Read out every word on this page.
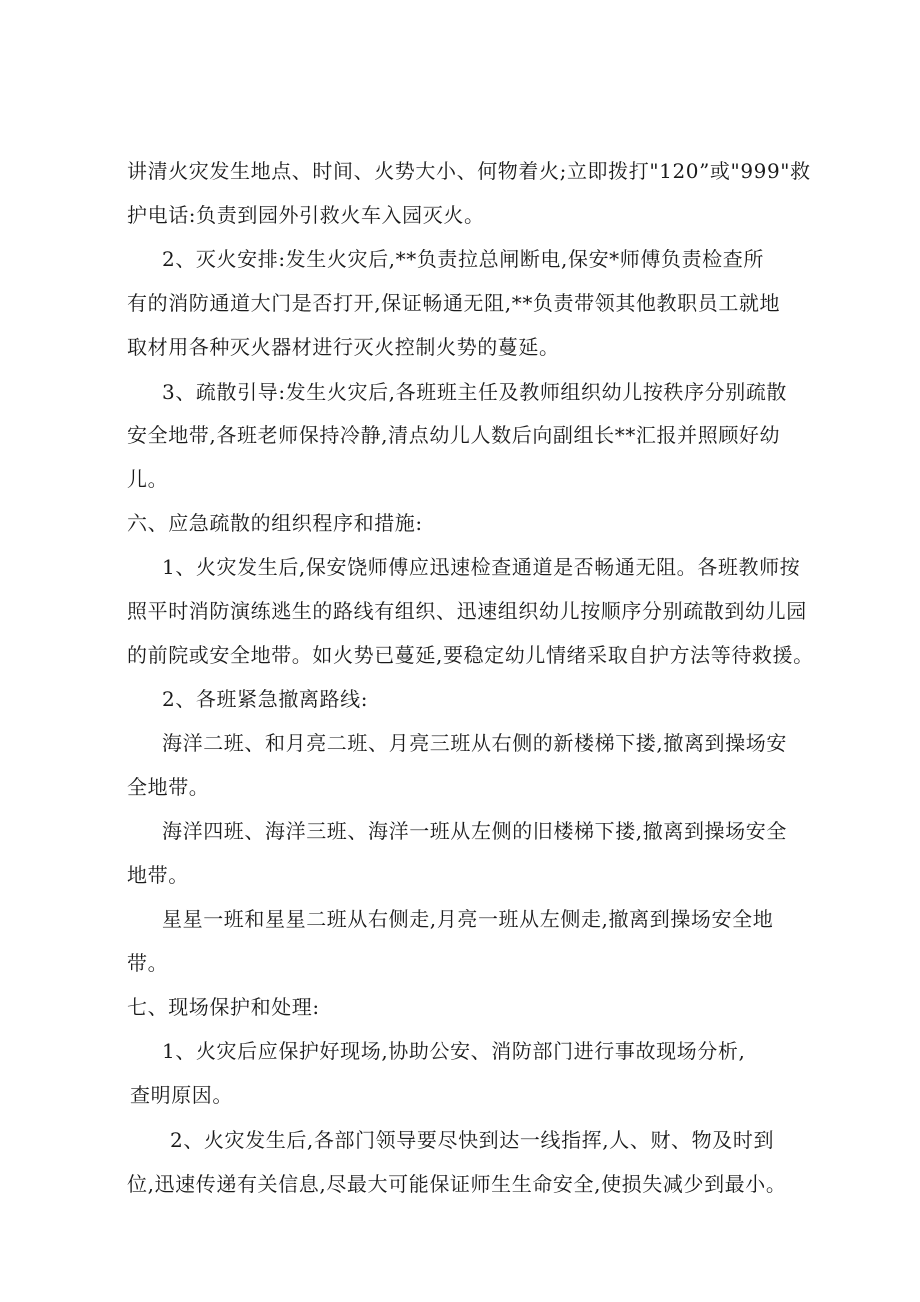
讲清火灾发生地点、时间、火势大小、何物着火;立即拨打"120”或"999"救
护电话:负责到园外引救火车入园灭火。
2、灭火安排:发生火灾后,**负责拉总闸断电,保安*师傅负责检查所
有的消防通道大门是否打开,保证畅通无阻,**负责带领其他教职员工就地
取材用各种灭火器材进行灭火控制火势的蔓延。
3、疏散引导:发生火灾后,各班班主任及教师组织幼儿按秩序分别疏散
安全地带,各班老师保持冷静,清点幼儿人数后向副组长**汇报并照顾好幼
儿。
六、应急疏散的组织程序和措施:
1、火灾发生后,保安饶师傅应迅速检查通道是否畅通无阻。各班教师按
照平时消防演练逃生的路线有组织、迅速组织幼儿按顺序分别疏散到幼儿园
的前院或安全地带。如火势已蔓延,要稳定幼儿情绪采取自护方法等待救援。
2、各班紧急撤离路线:
海洋二班、和月亮二班、月亮三班从右侧的新楼梯下搂,撤离到操场安
全地带。
海洋四班、海洋三班、海洋一班从左侧的旧楼梯下搂,撤离到操场安全
地带。
星星一班和星星二班从右侧走,月亮一班从左侧走,撤离到操场安全地
带。
七、现场保护和处理:
1、火灾后应保护好现场,协助公安、消防部门进行事故现场分析,
查明原因。
2、火灾发生后,各部门领导要尽快到达一线指挥,人、财、物及时到
位,迅速传递有关信息,尽最大可能保证师生生命安全,使损失减少到最小。
